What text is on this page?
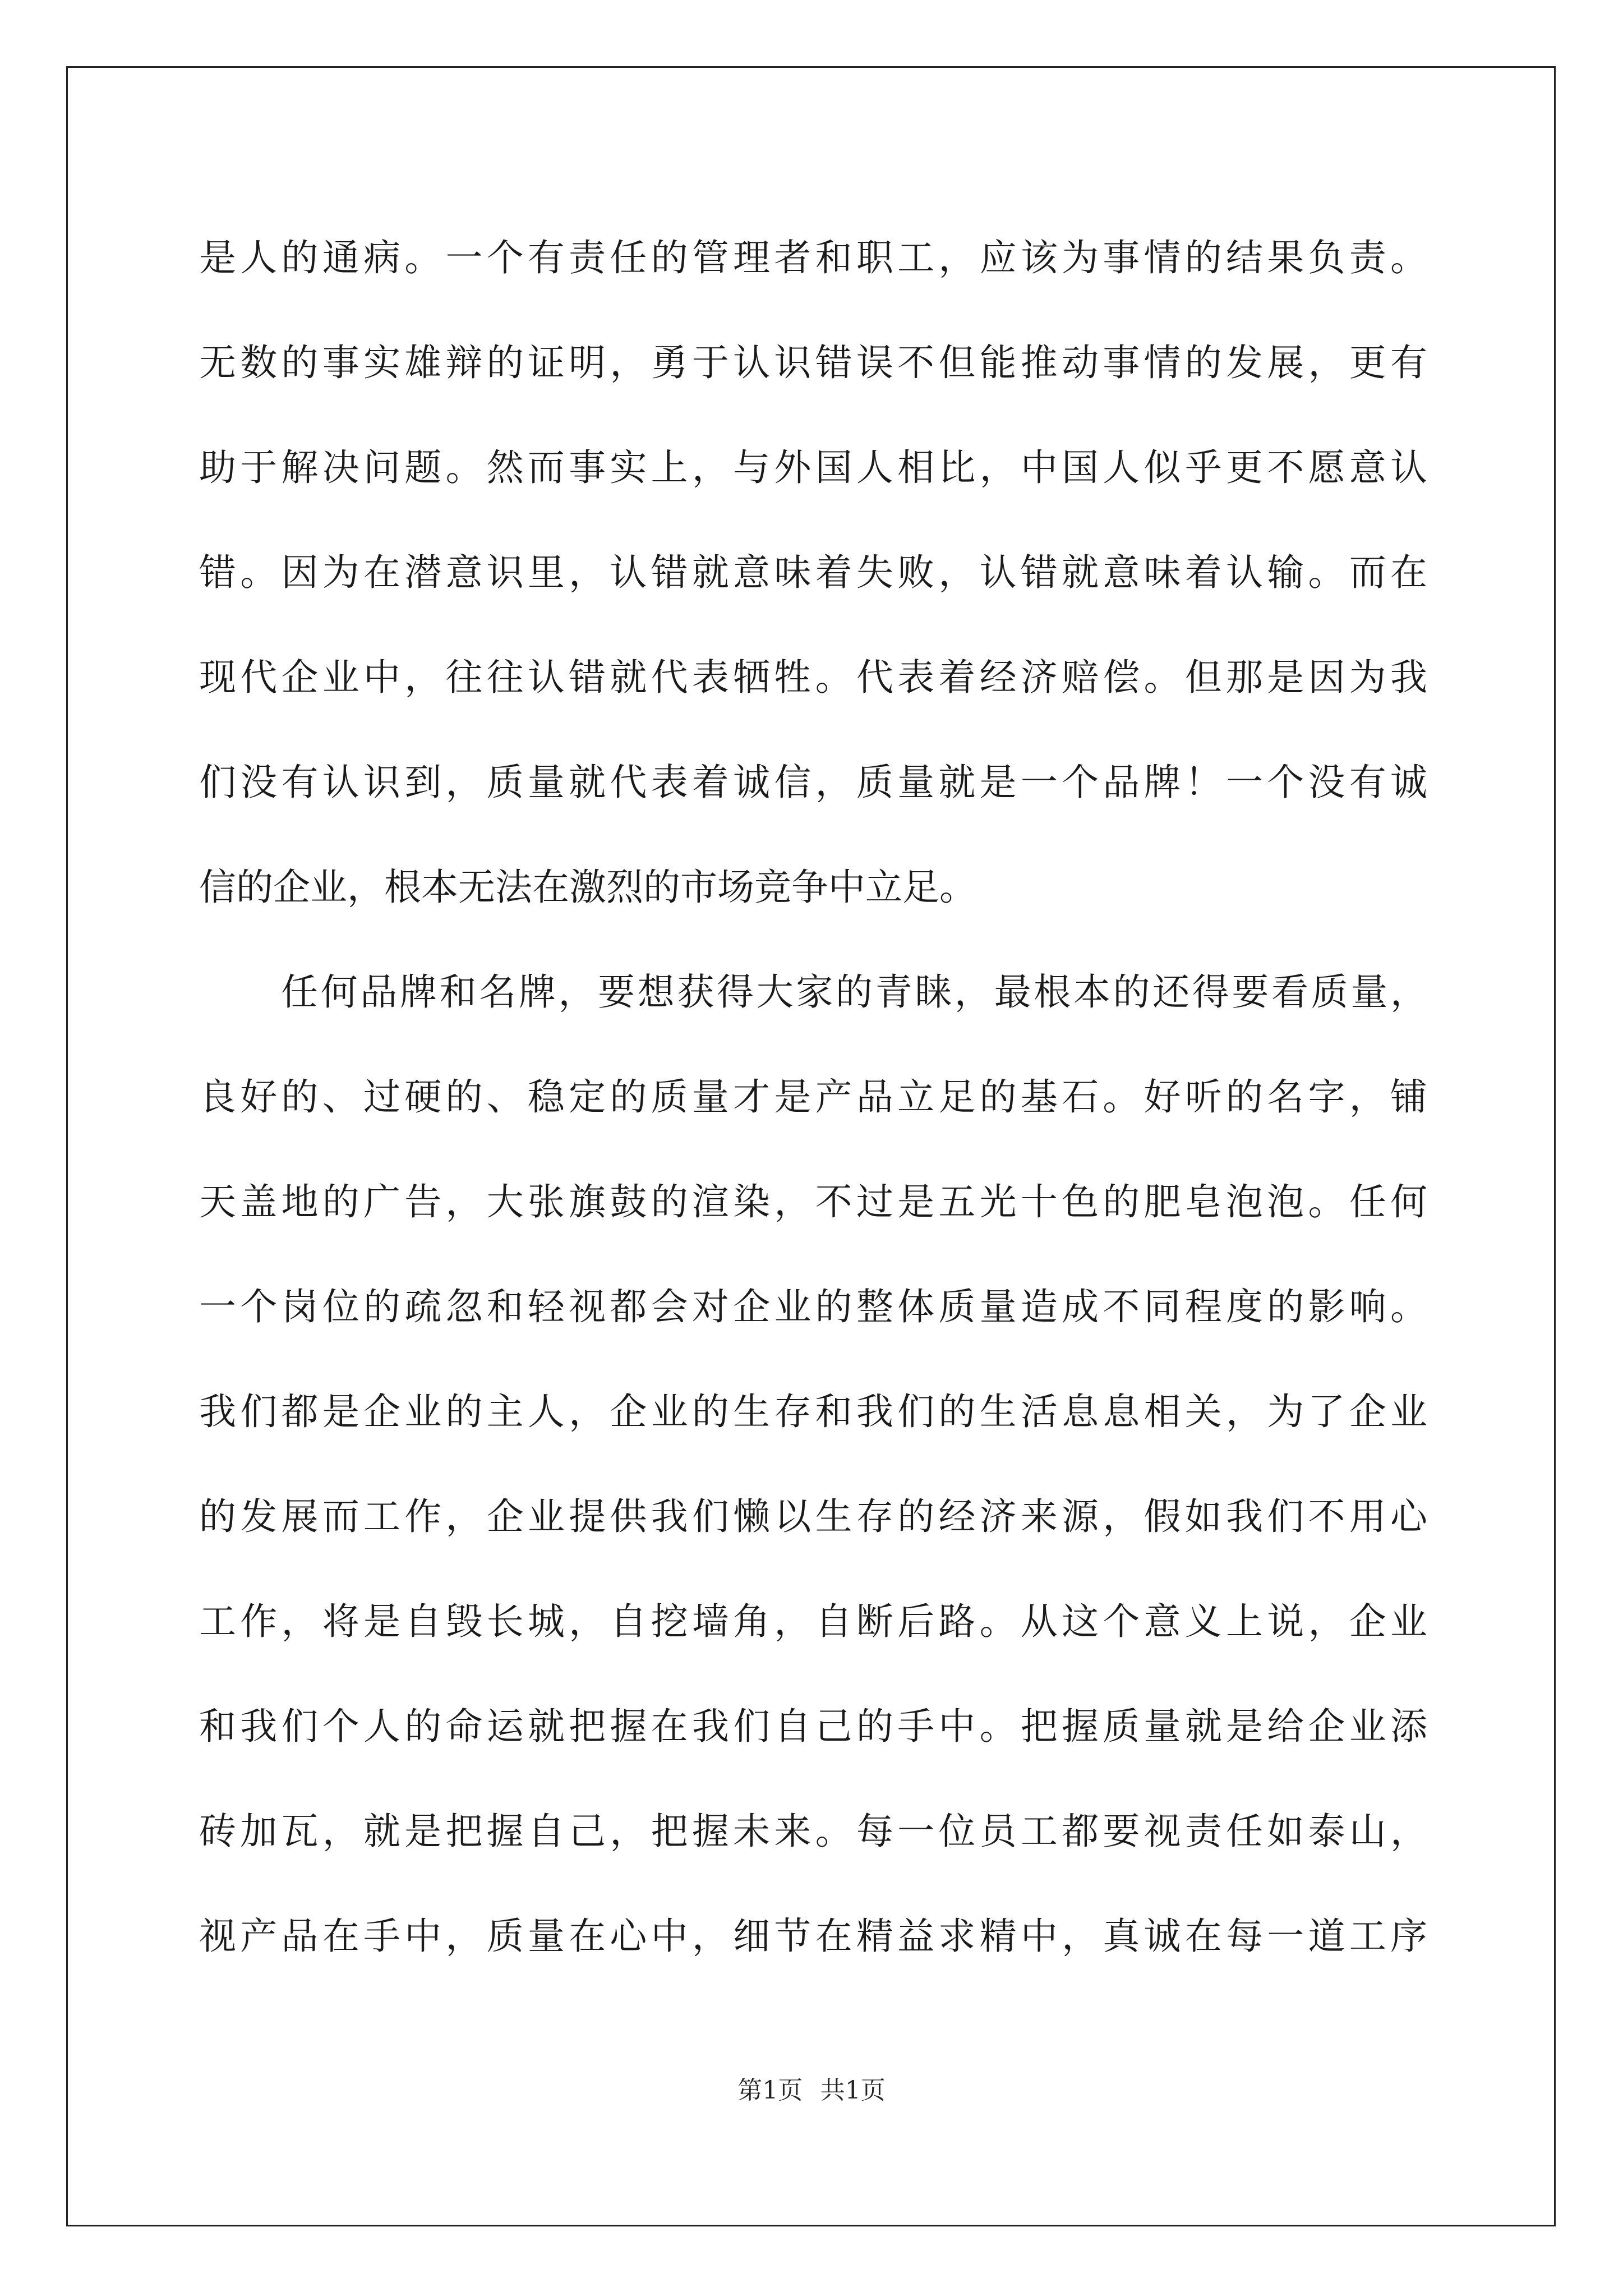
是人的通病。一个有责任的管理者和职工，应该为事情的结果负责。
无数的事实雄辩的证明，勇于认识错误不但能推动事情的发展，更有
助于解决问题。然而事实上，与外国人相比，中国人似乎更不愿意认
错。因为在潜意识里，认错就意味着失败，认错就意味着认输。而在
现代企业中，往往认错就代表牺牲。代表着经济赔偿。但那是因为我
们没有认识到，质量就代表着诚信，质量就是一个品牌！一个没有诚
信的企业，根本无法在激烈的市场竞争中立足。
任何品牌和名牌，要想获得大家的青睐，最根本的还得要看质量，
良好的、过硬的、稳定的质量才是产品立足的基石。好听的名字，铺
天盖地的广告，大张旗鼓的渲染，不过是五光十色的肥皂泡泡。任何
一个岗位的疏忽和轻视都会对企业的整体质量造成不同程度的影响。
我们都是企业的主人，企业的生存和我们的生活息息相关，为了企业
的发展而工作，企业提供我们懒以生存的经济来源，假如我们不用心
工作，将是自毁长城，自挖墙角，自断后路。从这个意义上说，企业
和我们个人的命运就把握在我们自己的手中。把握质量就是给企业添
砖加瓦，就是把握自己，把握未来。每一位员工都要视责任如泰山，
视产品在手中，质量在心中，细节在精益求精中，真诚在每一道工序
第1页 共1页
